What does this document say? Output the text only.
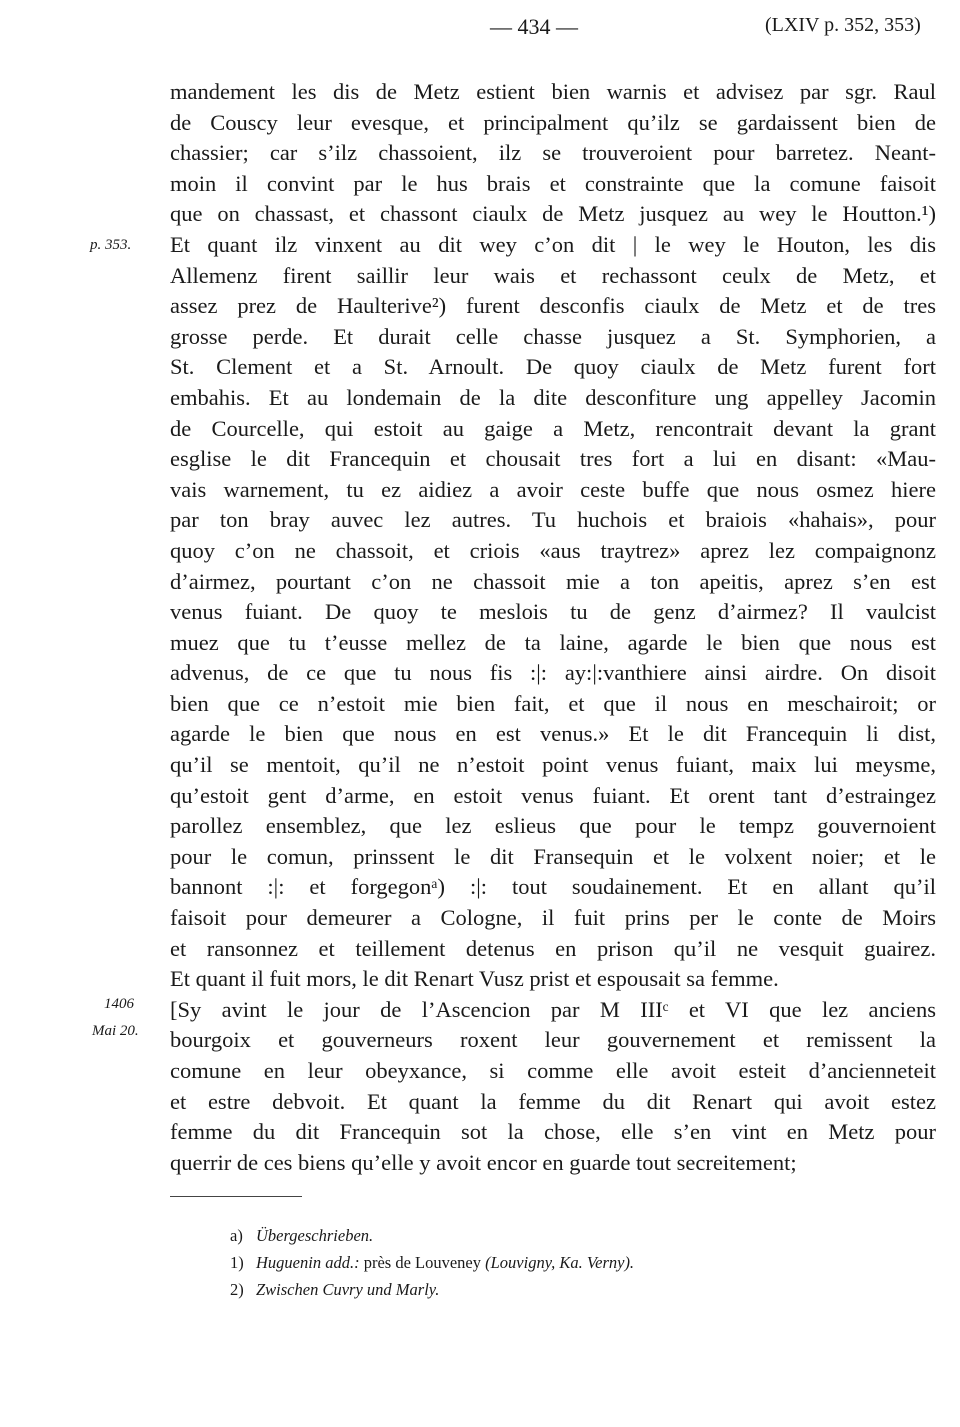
— 434 —	(LXIV p. 352, 353)
p. 353.
1406
Mai 20.
mandement les dis de Metz estient bien warnis et advisez par sgr. Raul
de Couscy leur evesque, et principalment qu’ilz se gardaissent bien de
chassier; car s’ilz chassoient, ilz se trouveroient pour barretez. Neant-
moin il convint par le hus brais et constrainte que la comune faisoit
que on chassast, et chassont ciaulx de Metz jusquez au wey le Houtton.¹)
Et quant ilz vinxent au dit wey c’on dit | le wey le Houton, les dis
Allemenz firent saillir leur wais et rechassont ceulx de Metz, et
assez prez de Haulterive²) furent desconfis ciaulx de Metz et de tres
grosse perde. Et durait celle chasse jusquez a St. Symphorien, a
St. Clement et a St. Arnoult. De quoy ciaulx de Metz furent fort
embahis. Et au londemain de la dite desconfiture ung appelley Jacomin
de Courcelle, qui estoit au gaige a Metz, rencontrait devant la grant
esglise le dit Francequin et chousait tres fort a lui en disant: «Mau-
vais warnement, tu ez aidiez a avoir ceste buffe que nous osmez hiere
par ton bray auvec lez autres. Tu huchois et braiois «hahais», pour
quoy c’on ne chassoit, et criois «aus traytrez» aprez lez compaignonz
d’airmez, pourtant c’on ne chassoit mie a ton apeitis, aprez s’en est
venus fuiant. De quoy te meslois tu de genz d’airmez? Il vaulcist
muez que tu t’eusse mellez de ta laine, agarde le bien que nous est
advenus, de ce que tu nous fis :|: ay:|:vanthiere ainsi airdre. On disoit
bien que ce n’estoit mie bien fait, et que il nous en meschairoit; or
agarde le bien que nous en est venus.» Et le dit Francequin li dist,
qu’il se mentoit, qu’il ne n’estoit point venus fuiant, maix lui meysme,
qu’estoit gent d’arme, en estoit venus fuiant. Et orent tant d’estraingez
parollez ensemblez, que lez eslieus que pour le tempz gouvernoient
pour le comun, prinssent le dit Fransequin et le volxent noier; et le
bannont :|: et forgegonᵃ) :|: tout soudainement. Et en allant qu’il
faisoit pour demeurer a Cologne, il fuit prins per le conte de Moirs
et ransonnez et teillement detenus en prison qu’il ne vesquit guairez.
Et quant il fuit mors, le dit Renart Vusz prist et espousait sa femme.
[Sy avint le jour de l’Ascencion par M IIIᶜ et VI que lez anciens
bourgoix et gouverneurs roxent leur gouvernement et remissent la
comune en leur obeyxance, si comme elle avoit esteit d’ancienneteit
et estre debvoit. Et quant la femme du dit Renart qui avoit estez
femme du dit Francequin sot la chose, elle s’en vint en Metz pour
querrir de ces biens qu’elle y avoit encor en guarde tout secreitement;
a) Übergeschrieben.
1) Huguenin add.: près de Louveney (Louvigny, Ka. Verny).
2) Zwischen Cuvry und Marly.
